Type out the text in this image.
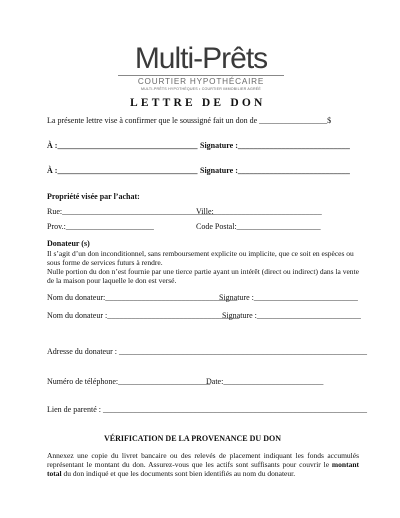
Multi-Prêts
COURTIER HYPOTHÉCAIRE
MULTI-PRÊTS HYPOTHÈQUES • COURTIER IMMOBILIER AGRÉÉ
LETTRE DE DON
La présente lettre vise à confirmer que le soussigné fait un don de _________________$
À :___________________________________ Signature :____________________________
À :___________________________________ Signature :____________________________
Propriété visée par l’achat:
Rue:______________________________________
Ville:___________________________
Prov.:______________________	Code Postal:_____________________
Donateur (s)
Il s’agit d’un don inconditionnel, sans remboursement explicite ou implicite, que ce soit en espèces ou sous forme de services futurs à rendre.
Nulle portion du don n’est fournie par une tierce partie ayant un intérêt (direct ou indirect) dans la vente de la maison pour laquelle le don est versé.
Nom du donateur:_________________________________
Signature :__________________________
Nom du donateur :_________________________________
Signature :__________________________
Adresse du donateur : ______________________________________________________________
Numéro de téléphone:_______________________
Date:_________________________
Lien de parenté : __________________________________________________________________
VÉRIFICATION DE LA PROVENANCE DU DON
Annexez une copie du livret bancaire ou des relevés de placement indiquant les fonds accumulés représentant le montant du don. Assurez-vous que les actifs sont suffisants pour couvrir le montant total du don indiqué et que les documents sont bien identifiés au nom du donateur.
